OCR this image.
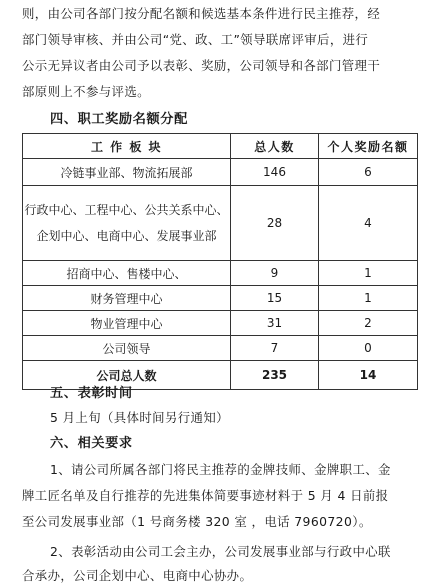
则，由公司各部门按分配名额和候选基本条件进行民主推荐，经
部门领导审核、并由公司“党、政、工”领导联席评审后，进行
公示无异议者由公司予以表彰、奖励，公司领导和各部门管理干
部原则上不参与评选。
四、职工奖励名额分配
工 作 板 块	总人数	个人奖励名额
冷链事业部、物流拓展部	146	6

行政中心、工程中心、公共关系中心、
企划中心、电商中心、发展事业部	28	4
招商中心、售楼中心、	9	1
财务管理中心	15	1
物业管理中心	31	2
公司领导	7	0
公司总人数	235	14
五、表彰时间
5 月上旬（具体时间另行通知）
六、相关要求
1、请公司所属各部门将民主推荐的金牌技师、金牌职工、金
牌工匠名单及自行推荐的先进集体简要事迹材料于 5 月 4 日前报
至公司发展事业部（1 号商务楼 320 室 ，电话 7960720）。
2、表彰活动由公司工会主办，公司发展事业部与行政中心联
合承办，公司企划中心、电商中心协办。
